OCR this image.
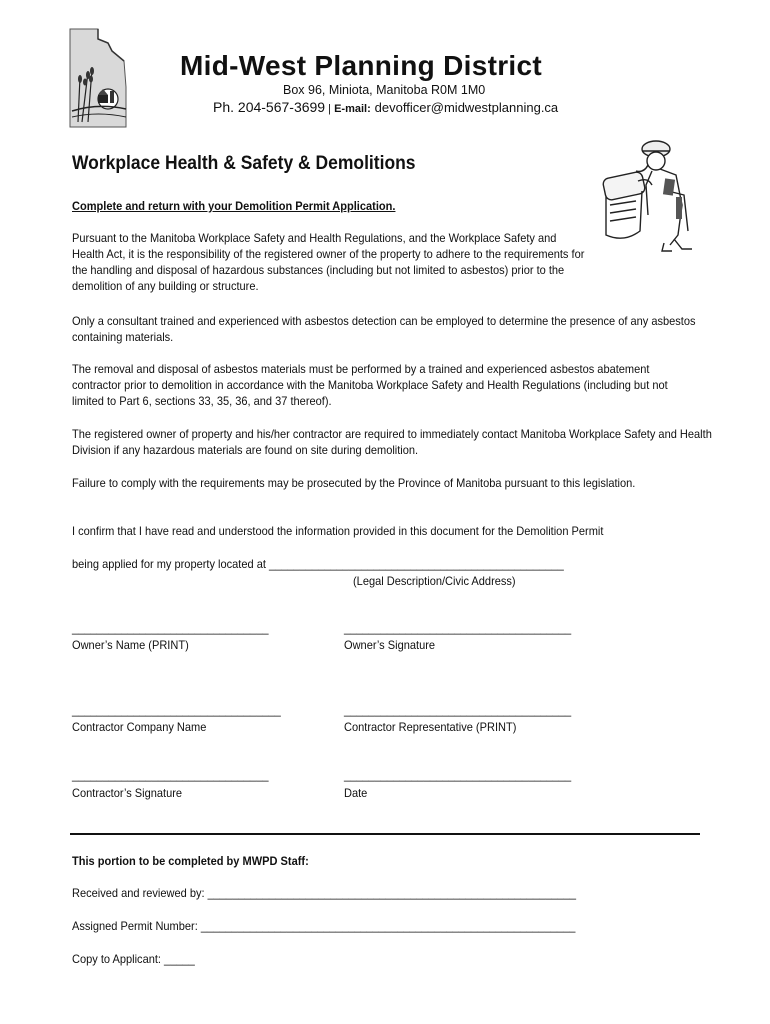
Mid-West Planning District
Box 96, Miniota, Manitoba R0M 1M0
Ph. 204-567-3699 | E-mail: devofficer@midwestplanning.ca
Workplace Health & Safety & Demolitions
Complete and return with your Demolition Permit Application.
Pursuant to the Manitoba Workplace Safety and Health Regulations, and the Workplace Safety and Health Act, it is the responsibility of the registered owner of the property to adhere to the requirements for the handling and disposal of hazardous substances (including but not limited to asbestos) prior to the demolition of any building or structure.
Only a consultant trained and experienced with asbestos detection can be employed to determine the presence of any asbestos containing materials.
The removal and disposal of asbestos materials must be performed by a trained and experienced asbestos abatement contractor prior to demolition in accordance with the Manitoba Workplace Safety and Health Regulations (including but not limited to Part 6, sections 33, 35, 36, and 37 thereof).
The registered owner of property and his/her contractor are required to immediately contact Manitoba Workplace Safety and Health Division if any hazardous materials are found on site during demolition.
Failure to comply with the requirements may be prosecuted by the Province of Manitoba pursuant to this legislation.
I confirm that I have read and understood the information provided in this document for the Demolition Permit
being applied for my property located at ________________________________________________
(Legal Description/Civic Address)
________________________________
Owner’s Name (PRINT)
_____________________________________
Owner’s Signature
__________________________________
Contractor Company Name
_____________________________________
Contractor Representative (PRINT)
________________________________
Contractor’s Signature
_____________________________________
Date
This portion to be completed by MWPD Staff:
Received and reviewed by: ____________________________________________________________
Assigned Permit Number: _____________________________________________________________
Copy to Applicant: _____
